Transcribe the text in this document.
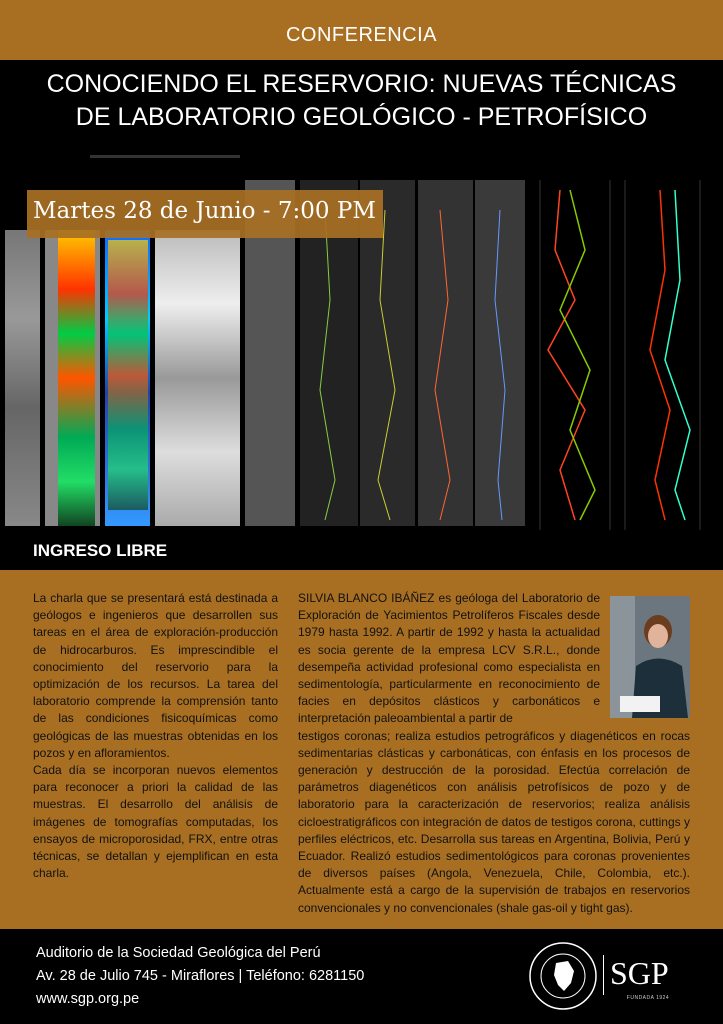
CONFERENCIA
CONOCIENDO EL RESERVORIO: NUEVAS TÉCNICAS
DE LABORATORIO GEOLÓGICO - PETROFÍSICO
Martes 28 de Junio - 7:00 PM
INGRESO LIBRE

La charla que se presentará está destinada a geólogos e ingenieros que desarrollen sus tareas en el área de exploración-producción de hidrocarburos. Es imprescindible el conocimiento del reservorio para la optimización de los recursos. La tarea del laboratorio comprende la comprensión tanto de las condiciones fisicoquímicas como geológicas de las muestras obtenidas en los pozos y en afloramientos.

Cada día se incorporan nuevos elementos para reconocer a priori la calidad de las muestras. El desarrollo del análisis de imágenes de tomografías computadas, los ensayos de microporosidad, FRX, entre otras técnicas, se detallan y ejemplifican en esta charla.

SILVIA BLANCO IBÁÑEZ es geóloga del Laboratorio de Exploración de Yacimientos Petrolíferos Fiscales desde 1979 hasta 1992. A partir de 1992 y hasta la actualidad es socia gerente de la empresa LCV S.R.L., donde desempeña actividad profesional como especialista en sedimentología, particularmente en reconocimiento de facies en depósitos clásticos y carbonáticos e interpretación paleoambiental a partir de
testigos coronas; realiza estudios petrográficos y diagenéticos en rocas sedimentarias clásticas y carbonáticas, con énfasis en los procesos de generación y destrucción de la porosidad. Efectúa correlación de parámetros diagenéticos con análisis petrofísicos de pozo y de laboratorio para la caracterización de reservorios; realiza análisis cicloestratigráficos con integración de datos de testigos corona, cuttings y perfiles eléctricos, etc. Desarrolla sus tareas en Argentina, Bolivia, Perú y Ecuador. Realizó estudios sedimentológicos para coronas provenientes de diversos países (Angola, Venezuela, Chile, Colombia, etc.). Actualmente está a cargo de la supervisión de trabajos en reservorios convencionales y no convencionales (shale gas-oil y tight gas).
Auditorio de la Sociedad Geológica del Perú
Av. 28 de Julio 745 - Miraflores | Teléfono: 6281150
www.sgp.org.pe
SGP
FUNDADA 1924
